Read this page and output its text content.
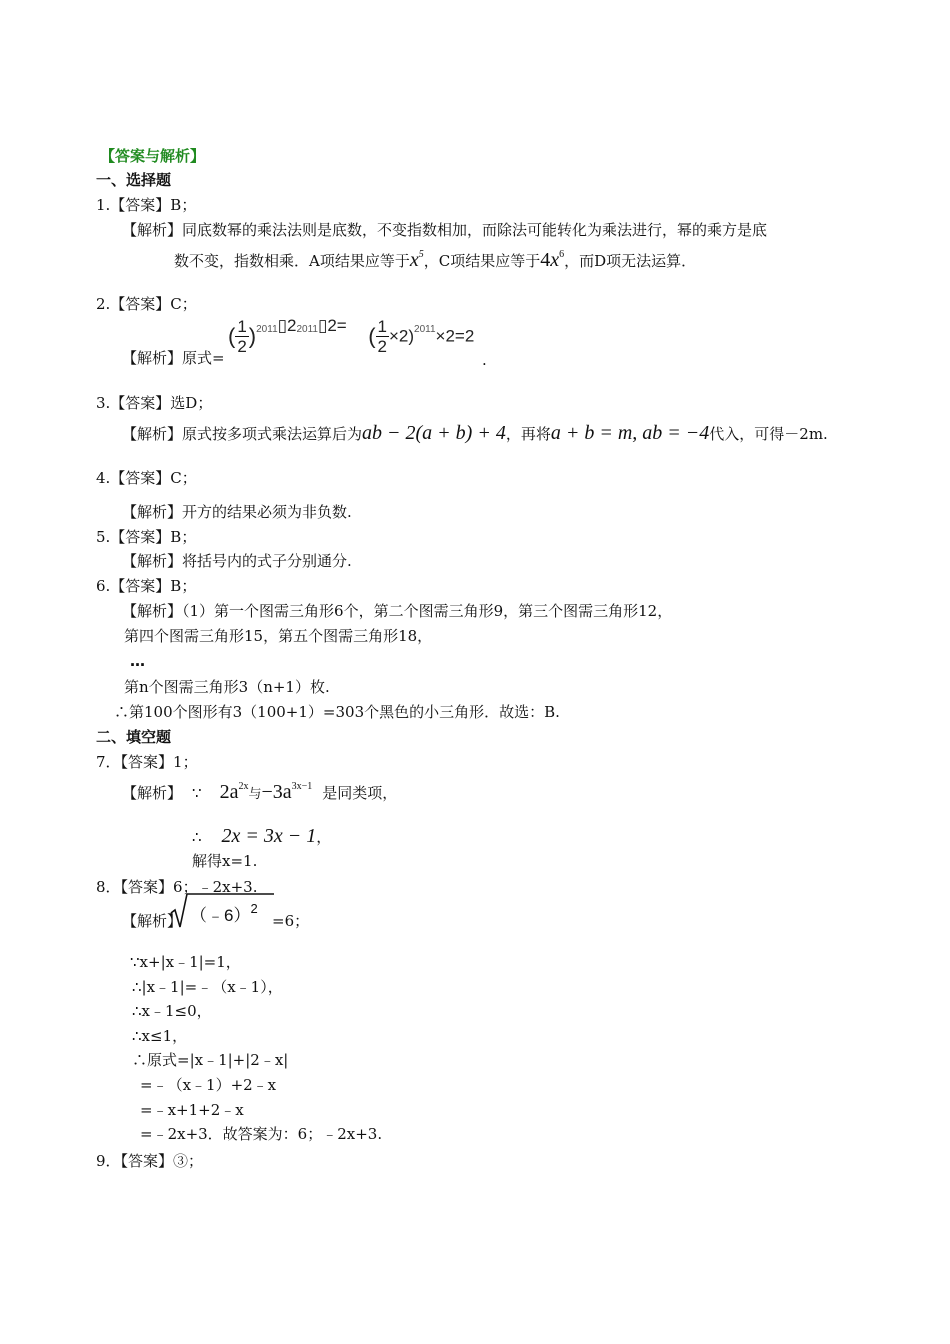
【答案与解析】
一、选择题
1.【答案】B；
【解析】同底数幂的乘法法则是底数，不变指数相加，而除法可能转化为乘法进行，幂的乘方是底
数不变，指数相乘．A项结果应等于$x^5$，C项结果应等于$4x^6$，而D项无法运算．
2.【答案】C；
【解析】原式=
( $\frac{1}{2}$ )$^{2011}▯2^{2011}▯2=$ ( $\frac{1}{2} \times 2)^{2011}\times 2=2$
.
3.【答案】选D；
【解析】原式按多项式乘法运算后为ab − 2(a + b) + 4，再将a + b = m, ab = −4代入，可得－2m.
4.【答案】C；
【解析】开方的结果必须为非负数.
5.【答案】B；
【解析】将括号内的式子分别通分.
6.【答案】B；
【解析】（1）第一个图需三角形6个，第二个图需三角形9，第三个图需三角形12，
第四个图需三角形15，第五个图需三角形18，
…
第n个图需三角形3（n+1）枚.
∴第100个图形有3（100+1）=303个黑色的小三角形．故选：B.
二、填空题
7．【答案】1；
【解析】 ∵ $2a^{2x}$与$-3a^{3x-1}$ 是同类项，
∴ 2x = 3x − 1，
解得x=1.
8．【答案】6；﹣2x+3.
【解析】 （﹣6）$^2$
=6；
∵x+|x﹣1|=1，
∴|x﹣1|=﹣（x﹣1），
∴x﹣1≤0，
∴x≤1，
∴原式=|x﹣1|+|2﹣x|
=﹣（x﹣1）+2﹣x
=﹣x+1+2﹣x
=﹣2x+3．故答案为：6；﹣2x+3.
9．【答案】③；
